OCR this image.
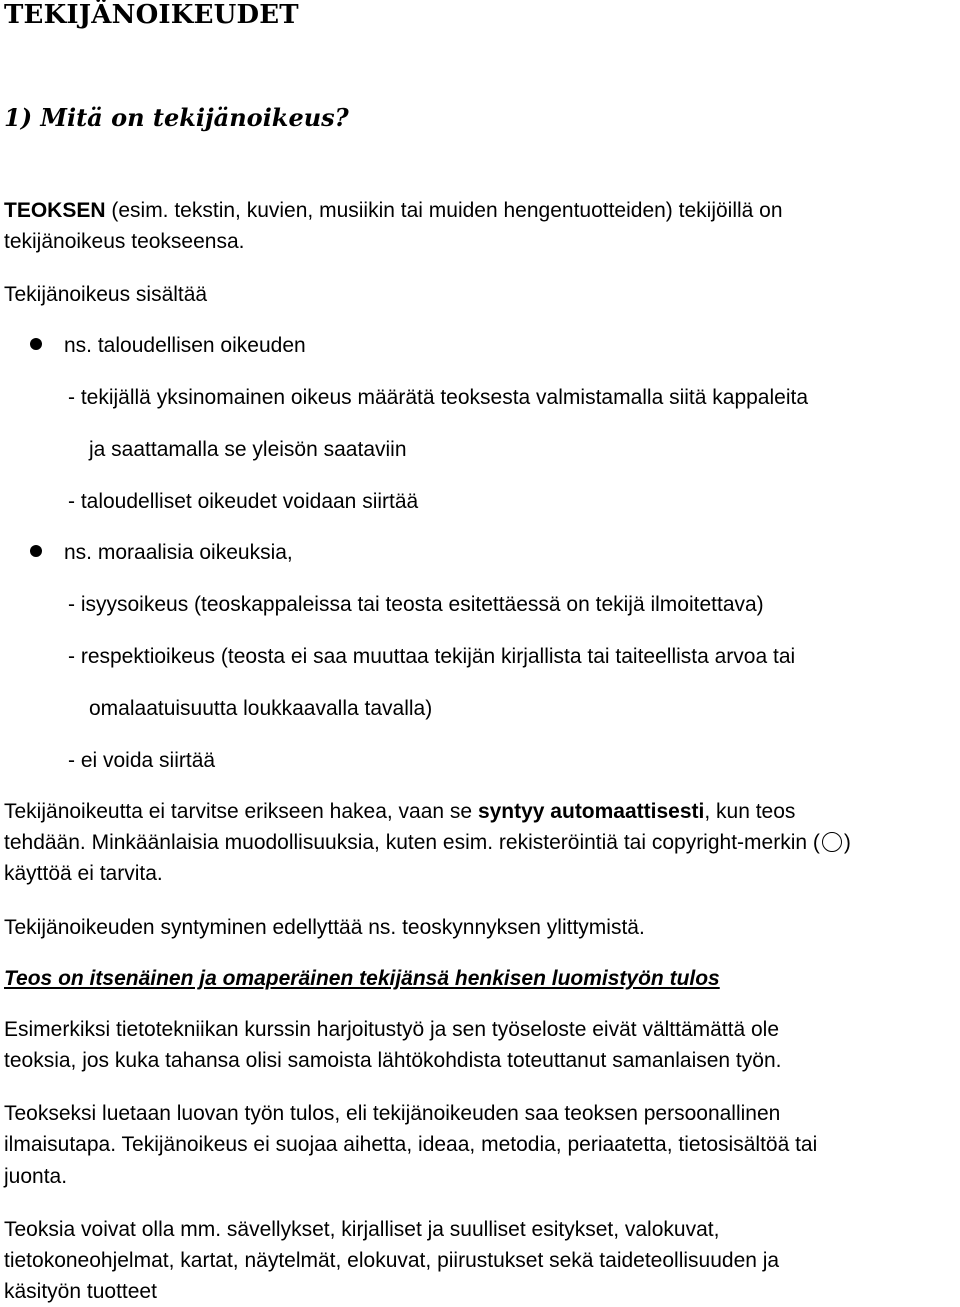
TEKIJÄNOIKEUDET
1) Mitä on tekijänoikeus?
TEOKSEN (esim. tekstin, kuvien, musiikin tai muiden hengentuotteiden) tekijöillä on
tekijänoikeus teokseensa.
Tekijänoikeus sisältää
ns. taloudellisen oikeuden
- tekijällä yksinomainen oikeus määrätä teoksesta valmistamalla siitä kappaleita
ja saattamalla se yleisön saataviin
- taloudelliset oikeudet voidaan siirtää
ns. moraalisia oikeuksia,
- isyysoikeus (teoskappaleissa tai teosta esitettäessä on tekijä ilmoitettava)
- respektioikeus (teosta ei saa muuttaa tekijän kirjallista tai taiteellista arvoa tai
omalaatuisuutta loukkaavalla tavalla)
- ei voida siirtää
Tekijänoikeutta ei tarvitse erikseen hakea, vaan se syntyy automaattisesti, kun teos
tehdään. Minkäänlaisia muodollisuuksia, kuten esim. rekisteröintiä tai copyright-merkin ( )
käyttöä ei tarvita.
Tekijänoikeuden syntyminen edellyttää ns. teoskynnyksen ylittymistä.
Teos on itsenäinen ja omaperäinen tekijänsä henkisen luomistyön tulos
Esimerkiksi tietotekniikan kurssin harjoitustyö ja sen työseloste eivät välttämättä ole
teoksia, jos kuka tahansa olisi samoista lähtökohdista toteuttanut samanlaisen työn.
Teokseksi luetaan luovan työn tulos, eli tekijänoikeuden saa teoksen persoonallinen
ilmaisutapa. Tekijänoikeus ei suojaa aihetta, ideaa, metodia, periaatetta, tietosisältöä tai
juonta.
Teoksia voivat olla mm. sävellykset, kirjalliset ja suulliset esitykset, valokuvat,
tietokoneohjelmat, kartat, näytelmät, elokuvat, piirustukset sekä taideteollisuuden ja
käsityön tuotteet
